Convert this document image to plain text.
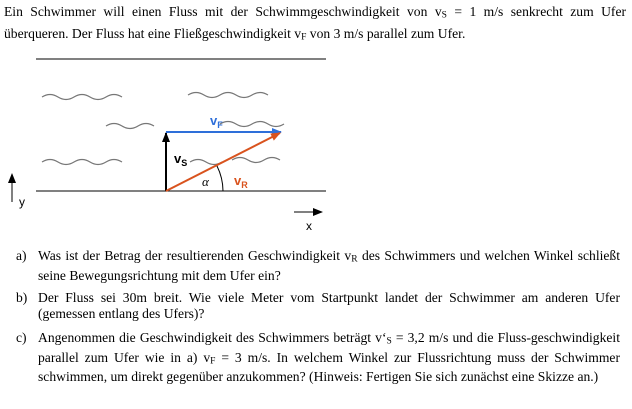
Ein Schwimmer will einen Fluss mit der Schwimmgeschwindigkeit von $v_S = 1$ m/s senkrecht zum Ufer überqueren. Der Fluss hat eine Fließgeschwindigkeit $v_F$ von 3 m/s parallel zum Ufer.
$v_F$
$v_S$
$v_R$
α
y
x
a) Was ist der Betrag der resultierenden Geschwindigkeit $v_R$ des Schwimmers und welchen Winkel schließt seine Bewegungsrichtung mit dem Ufer ein?
b) Der Fluss sei 30m breit. Wie viele Meter vom Startpunkt landet der Schwimmer am anderen Ufer (gemessen entlang des Ufers)?
c) Angenommen die Geschwindigkeit des Schwimmers beträgt $v‘_S = 3,2$ m/s und die Fluss-geschwindigkeit parallel zum Ufer wie in a) $v_F = 3$ m/s. In welchem Winkel zur Flussrichtung muss der Schwimmer schwimmen, um direkt gegenüber anzukommen? (Hinweis: Fertigen Sie sich zunächst eine Skizze an.)
